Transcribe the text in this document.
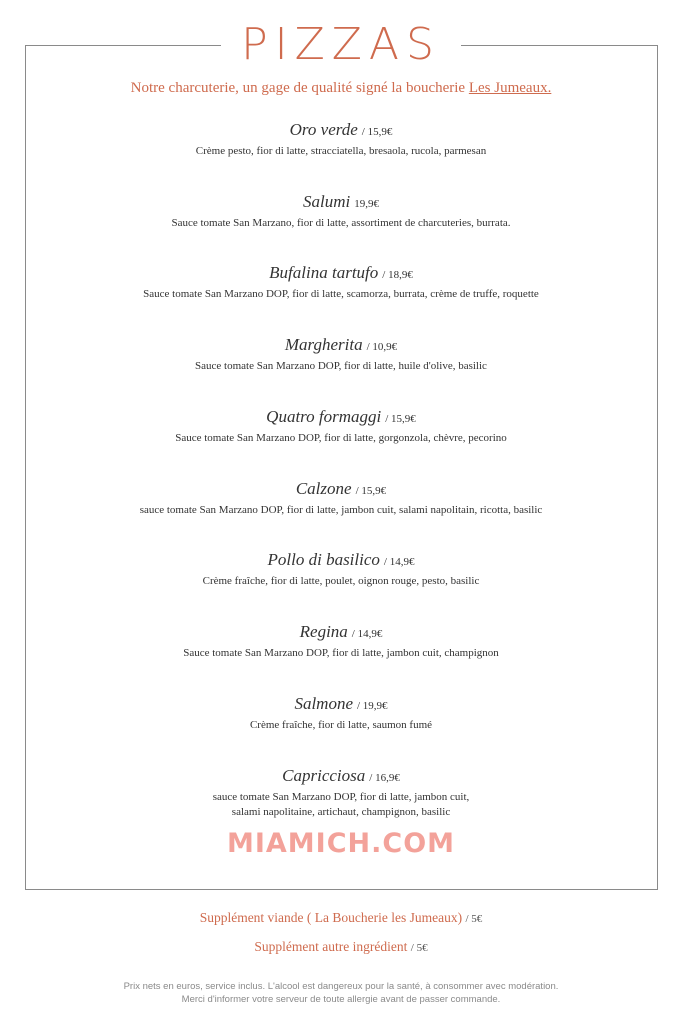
PIZZAS
Notre charcuterie, un gage de qualité signé la boucherie Les Jumeaux.
Oro verde / 15,9€
Crème pesto, fior di latte, stracciatella, bresaola, rucola, parmesan
Salumi 19,9€
Sauce tomate San Marzano, fior di latte, assortiment de charcuteries, burrata.
Bufalina tartufo / 18,9€
Sauce tomate San Marzano DOP, fior di latte, scamorza, burrata, crème de truffe, roquette
Margherita / 10,9€
Sauce tomate San Marzano DOP, fior di latte, huile d'olive, basilic
Quatro formaggi / 15,9€
Sauce tomate San Marzano DOP, fior di latte, gorgonzola, chèvre, pecorino
Calzone / 15,9€
sauce tomate San Marzano DOP, fior di latte, jambon cuit, salami napolitain, ricotta, basilic
Pollo di basilico / 14,9€
Crème fraîche, fior di latte, poulet, oignon rouge, pesto, basilic
Regina / 14,9€
Sauce tomate San Marzano DOP, fior di latte, jambon cuit, champignon
Salmone / 19,9€
Crème fraîche, fior di latte, saumon fumé
Capricciosa / 16,9€
sauce tomate San Marzano DOP, fior di latte, jambon cuit,
salami napolitaine, artichaut, champignon, basilic
MIAMICH.COM
Supplément viande ( La Boucherie les Jumeaux) / 5€
Supplément autre ingrédient / 5€
Prix nets en euros, service inclus. L'alcool est dangereux pour la santé, à consommer avec modération.
Merci d'informer votre serveur de toute allergie avant de passer commande.
